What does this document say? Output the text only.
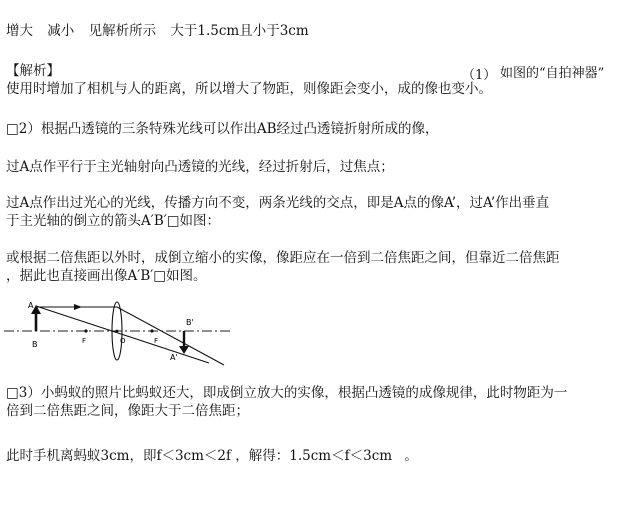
增大 减小 见解析所示 大于1.5cm且小于3cm
【解析】	（1） 如图的“自拍神器”
使用时增加了相机与人的距离，所以增大了物距，则像距会变小，成的像也变小。
□2）根据凸透镜的三条特殊光线可以作出AB经过凸透镜折射所成的像，
过A点作平行于主光轴射向凸透镜的光线，经过折射后，过焦点；
过A点作出过光心的光线，传播方向不变，两条光线的交点，即是A点的像A’，过A’作出垂直
于主光轴的倒立的箭头A′B′□如图：
或根据二倍焦距以外时，成倒立缩小的实像，像距应在一倍到二倍焦距之间，但靠近二倍焦距
，据此也直接画出像A′B′□如图。
A
B	F	O	F
A'
B'
□3）小蚂蚁的照片比蚂蚁还大，即成倒立放大的实像，根据凸透镜的成像规律，此时物距为一
倍到二倍焦距之间，像距大于二倍焦距；
此时手机离蚂蚁3cm，即f＜3cm＜2f ，解得：1.5cm＜f＜3cm 。
